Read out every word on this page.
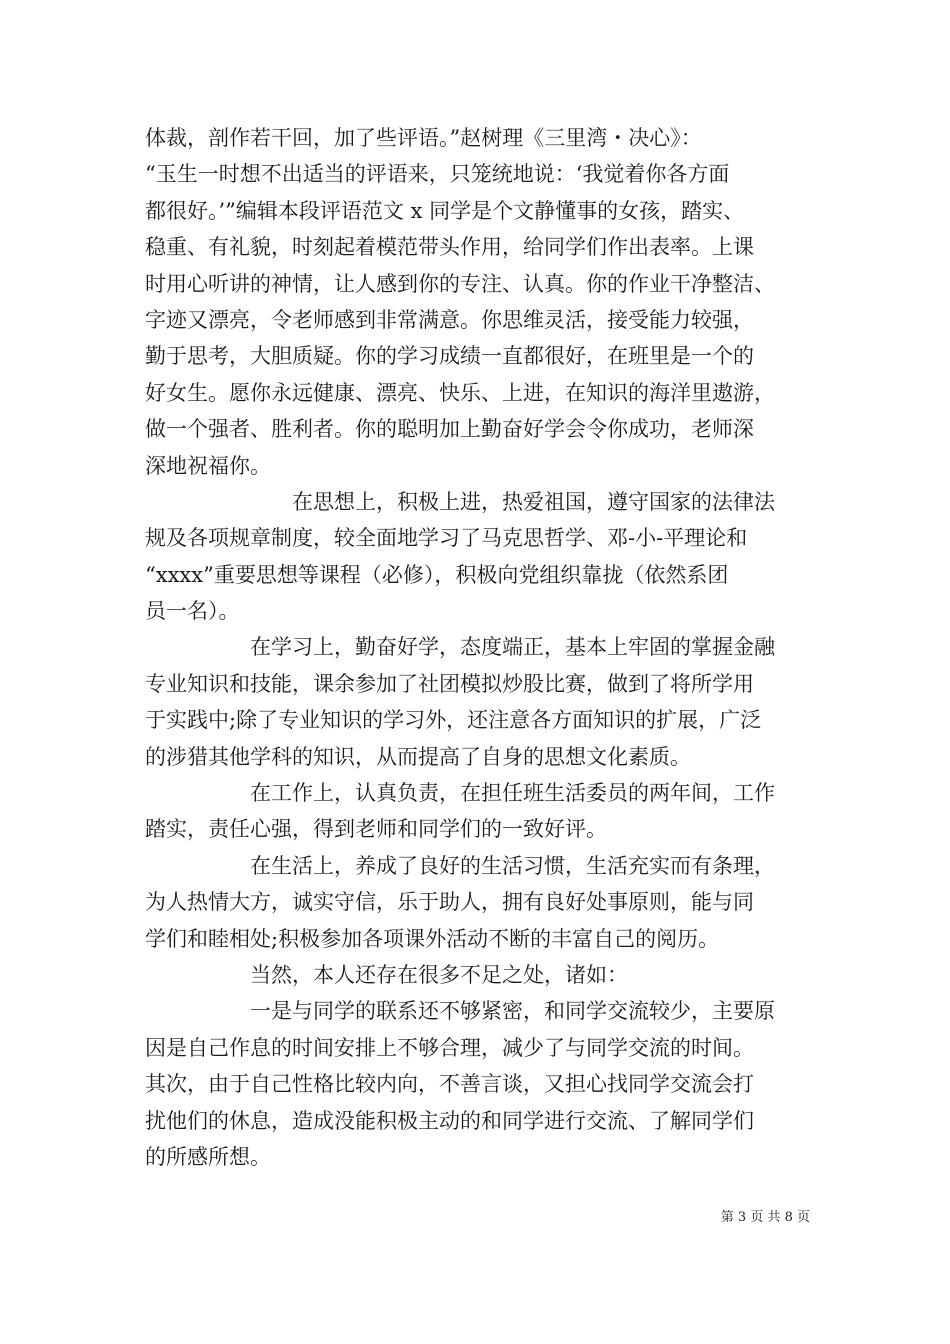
体裁，剖作若干回，加了些评语。”赵树理《三里湾・决心》：
“玉生一时想不出适当的评语来，只笼统地说：‘我觉着你各方面
都很好。’”编辑本段评语范文 x 同学是个文静懂事的女孩，踏实、
稳重、有礼貌，时刻起着模范带头作用，给同学们作出表率。上课
时用心听讲的神情，让人感到你的专注、认真。你的作业干净整洁、
字迹又漂亮，令老师感到非常满意。你思维灵活，接受能力较强，
勤于思考，大胆质疑。你的学习成绩一直都很好，在班里是一个的
好女生。愿你永远健康、漂亮、快乐、上进，在知识的海洋里遨游，
做一个强者、胜利者。你的聪明加上勤奋好学会令你成功，老师深
深地祝福你。
　　　　　　　在思想上，积极上进，热爱祖国，遵守国家的法律法
规及各项规章制度，较全面地学习了马克思哲学、邓-小-平理论和
“xxxx”重要思想等课程（必修），积极向党组织靠拢（依然系团
员一名）。
　　　　　在学习上，勤奋好学，态度端正，基本上牢固的掌握金融
专业知识和技能，课余参加了社团模拟炒股比赛，做到了将所学用
于实践中;除了专业知识的学习外，还注意各方面知识的扩展，广泛
的涉猎其他学科的知识，从而提高了自身的思想文化素质。
　　　　　在工作上，认真负责，在担任班生活委员的两年间，工作
踏实，责任心强，得到老师和同学们的一致好评。
　　　　　在生活上，养成了良好的生活习惯，生活充实而有条理，
为人热情大方，诚实守信，乐于助人，拥有良好处事原则，能与同
学们和睦相处;积极参加各项课外活动不断的丰富自己的阅历。
　　　　　当然，本人还存在很多不足之处，诸如：
　　　　　一是与同学的联系还不够紧密，和同学交流较少，主要原
因是自己作息的时间安排上不够合理，减少了与同学交流的时间。
其次，由于自己性格比较内向，不善言谈，又担心找同学交流会打
扰他们的休息，造成没能积极主动的和同学进行交流、了解同学们
的所感所想。
第 3 页 共 8 页
